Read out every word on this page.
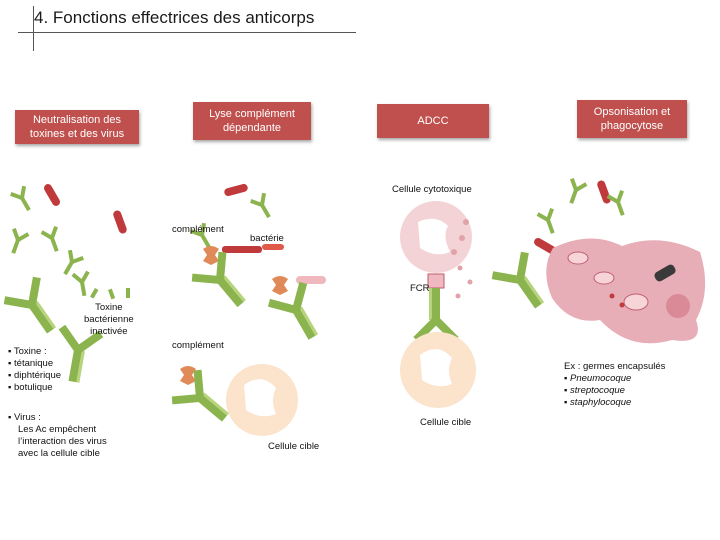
4. Fonctions effectrices des anticorps
Neutralisation des toxines et des virus
Lyse complément dépendante
ADCC
Opsonisation et phagocytose
Cellule cytotoxique
complément
bactérie
FCR
Toxine
bactérienne
inactivée
complément
Cellule cible
Cellule cible
▪ Toxine :
▪ tétanique
▪ diphtérique
▪ botulique
▪ Virus :
Les Ac empêchent
l’interaction des virus
avec la cellule cible
Ex : germes encapsulés
▪ Pneumocoque
▪ streptocoque
▪ staphylocoque
